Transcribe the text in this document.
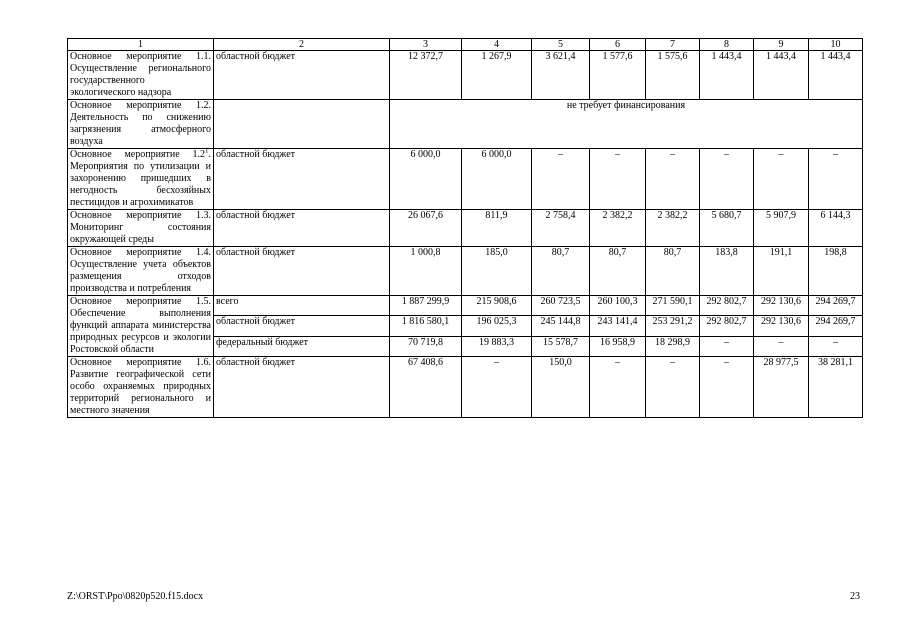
1	2	3	4	5	6	7	8	9	10
Основное мероприятие 1.1. Осуществление регионального государственного экологического надзора	областной бюджет	12 372,7	1 267,9	3 621,4	1 577,6	1 575,6	1 443,4	1 443,4	1 443,4
Основное мероприятие 1.2. Деятельность по снижению загрязнения атмосферного воздуха		не требует финансирования							
Основное мероприятие $1.2^1$. Мероприятия по утилизации и захоронению пришедших в негодность бесхозяйных пестицидов и агрохимикатов	областной бюджет	6 000,0	6 000,0	–	–	–	–	–	–
Основное мероприятие 1.3. Мониторинг состояния окружающей среды	областной бюджет	26 067,6	811,9	2 758,4	2 382,2	2 382,2	5 680,7	5 907,9	6 144,3
Основное мероприятие 1.4. Осуществление учета объектов размещения отходов производства и потребления	областной бюджет	1 000,8	185,0	80,7	80,7	80,7	183,8	191,1	198,8
Основное мероприятие 1.5. Обеспечение выполнения функций аппарата министерства природных ресурсов и экологии Ростовской области	всего	1 887 299,9	215 908,6	260 723,5	260 100,3	271 590,1	292 802,7	292 130,6	294 269,7
	областной бюджет	1 816 580,1	196 025,3	245 144,8	243 141,4	253 291,2	292 802,7	292 130,6	294 269,7
	федеральный бюджет	70 719,8	19 883,3	15 578,7	16 958,9	18 298,9	–	–	–
Основное мероприятие 1.6. Развитие географической сети особо охраняемых природных территорий регионального и местного значения	областной бюджет	67 408,6	–	150,0	–	–	–	28 977,5	38 281,1
Z:\ORST\Ppo\0820p520.f15.docx	23
